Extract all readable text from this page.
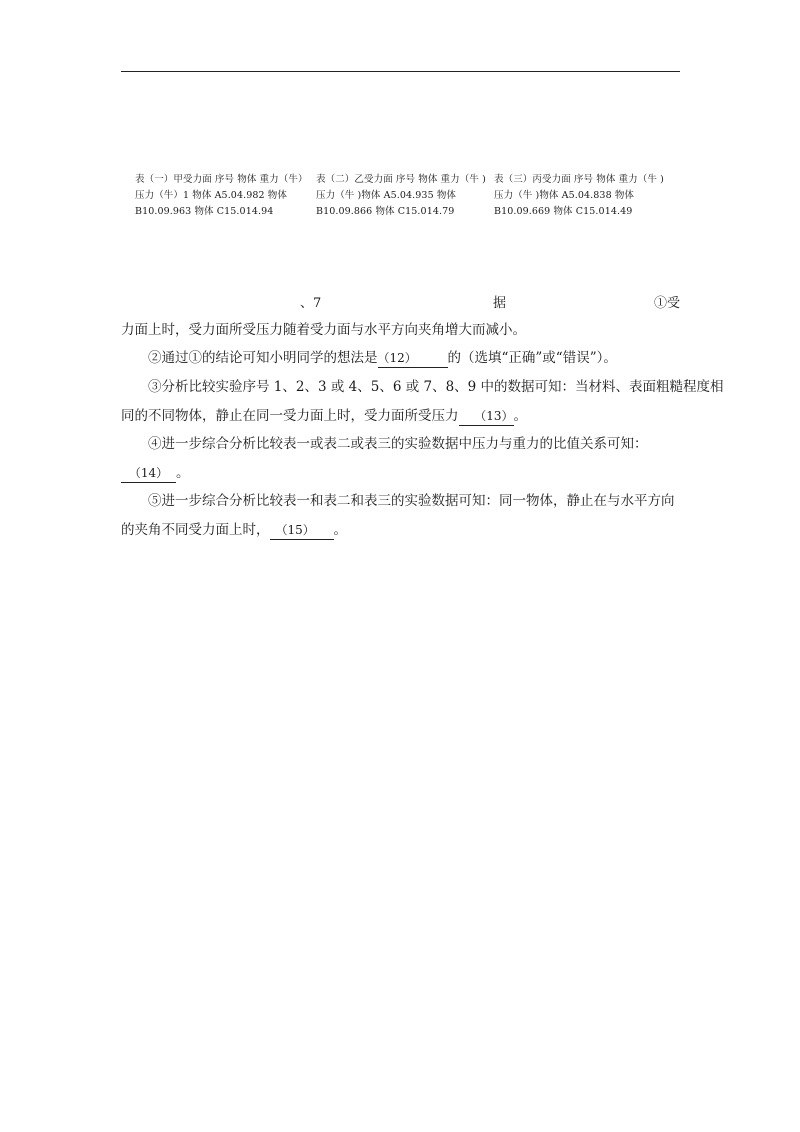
表（一）甲受力面 序号 物体 重力（牛）压力（牛）1 物体 A5.04.982 物体 B10.09.963 物体 C15.014.94
表（二）乙受力面 序号 物体 重力（牛 )压力（牛 )物体 A5.04.935 物体 B10.09.866 物体 C15.014.79
表（三）丙受力面 序号 物体 重力（牛 )压力（牛 )物体 A5.04.838 物体 B10.09.669 物体 C15.014.49
、7	据	①受
力面上时，受力面所受压力随着受力面与水平方向夹角增大而减小。
②通过①的结论可知小明同学的想法是（12） 的（选填“正确”或“错误”）。
③分析比较实验序号 1、2、3 或 4、5、6 或 7、8、9 中的数据可知：当材料、表面粗糙程度相
同的不同物体，静止在同一受力面上时，受力面所受压力 （13）。
④进一步综合分析比较表一或表二或表三的实验数据中压力与重力的比值关系可知：
（14） 。
⑤进一步综合分析比较表一和表二和表三的实验数据可知：同一物体，静止在与水平方向
的夹角不同受力面上时， （15） 。
